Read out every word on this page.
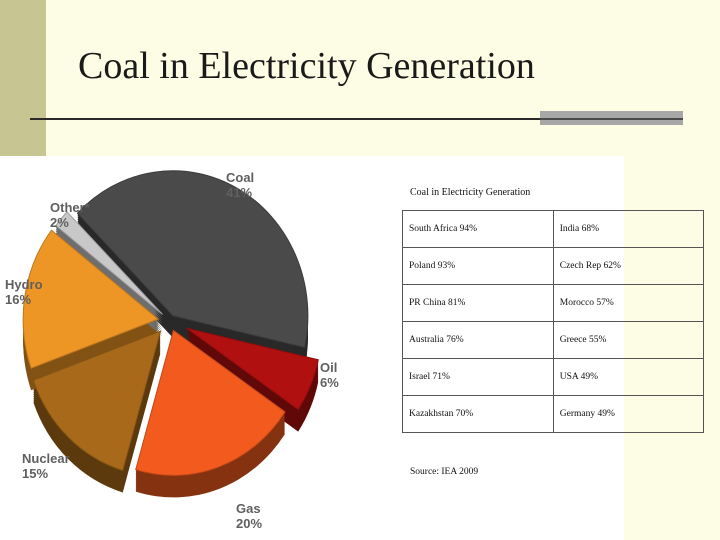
Coal in Electricity Generation
Coal
41%
Oil
6%
Gas
20%
Nuclear
15%
Hydro
16%
Other*
2%
Coal in Electricity Generation
South Africa 94%	India 68%
Poland 93%	Czech Rep 62%
PR China 81%	Morocco 57%
Australia 76%	Greece 55%
Israel 71%	USA 49%
Kazakhstan 70%	Germany 49%
Source: IEA 2009
